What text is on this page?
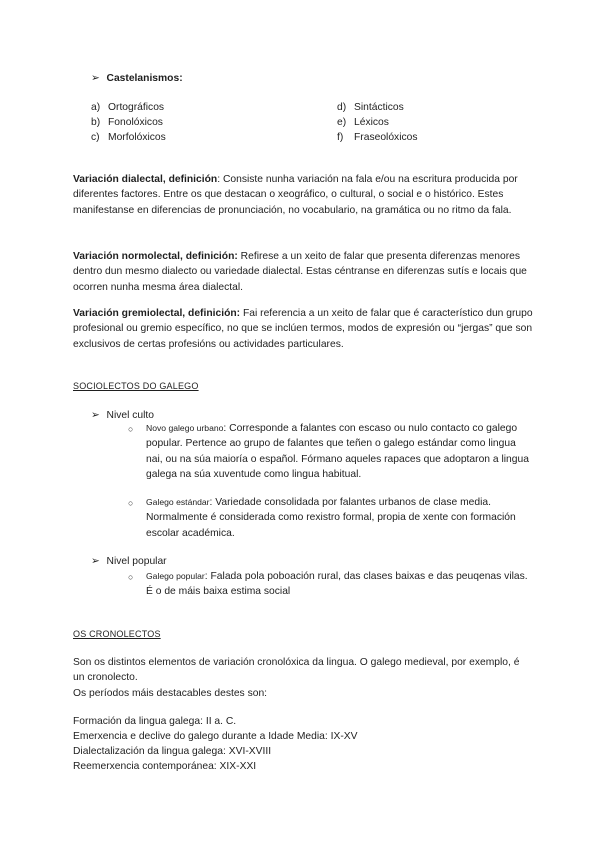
➢ Castelanismos:
a) Ortográficos
b) Fonolóxicos
c) Morfolóxicos
d) Sintácticos
e) Léxicos
f) Fraseolóxicos

Variación dialectal, definición: Consiste nunha variación na fala e/ou na escritura producida por diferentes factores. Entre os que destacan o xeográfico, o cultural, o social e o histórico. Estes manifestanse en diferencias de pronunciación, no vocabulario, na gramática ou no ritmo da fala.

Variación normolectal, definición: Refirese a un xeito de falar que presenta diferenzas menores dentro dun mesmo dialecto ou variedade dialectal. Estas céntranse en diferenzas sutís e locais que ocorren nunha mesma área dialectal.

Variación gremiolectal, definición: Fai referencia a un xeito de falar que é característico dun grupo profesional ou gremio específico, no que se inclúen termos, modos de expresión ou “jergas” que son exclusivos de certas profesións ou actividades particulares.

SOCIOLECTOS DO GALEGO
➢ Nivel culto
○ Novo galego urbano: Corresponde a falantes con escaso ou nulo contacto co galego popular. Pertence ao grupo de falantes que teñen o galego estándar como lingua nai, ou na súa maioría o español. Fórmano aqueles rapaces que adoptaron a lingua galega na súa xuventude como lingua habitual.
○ Galego estándar: Variedade consolidada por falantes urbanos de clase media. Normalmente é considerada como rexistro formal, propia de xente con formación escolar académica.
➢ Nivel popular
○ Galego popular: Falada pola poboación rural, das clases baixas e das peuqenas vilas. É o de máis baixa estima social
OS CRONOLECTOS

Son os distintos elementos de variación cronolóxica da lingua. O galego medieval, por exemplo, é un cronolecto.
Os períodos máis destacables destes son:

Formación da lingua galega: II a. C.
Emerxencia e declive do galego durante a Idade Media: IX-XV
Dialectalización da lingua galega: XVI-XVIII
Reemerxencia contemporánea: XIX-XXI
